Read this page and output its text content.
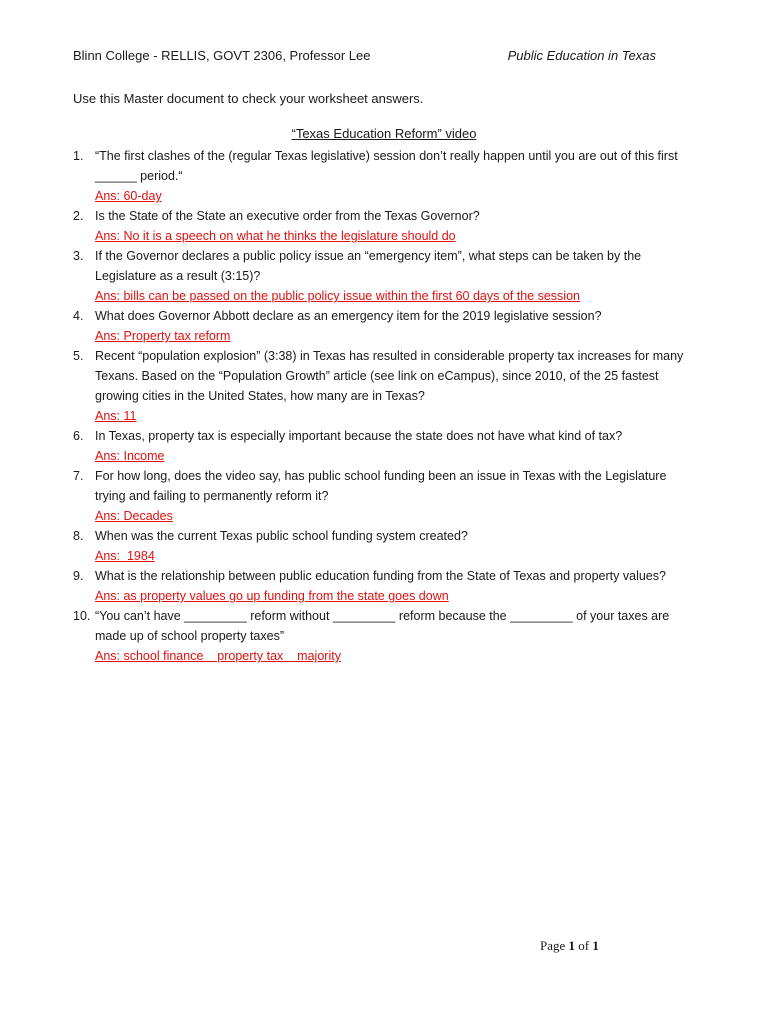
Blinn College - RELLIS, GOVT 2306, Professor Lee	Public Education in Texas
Use this Master document to check your worksheet answers.
“Texas Education Reform” video
1. “The first clashes of the (regular Texas legislative) session don’t really happen until you are out of this first ______ period.“
Ans: 60-day
2. Is the State of the State an executive order from the Texas Governor?
Ans: No it is a speech on what he thinks the legislature should do
3. If the Governor declares a public policy issue an “emergency item”, what steps can be taken by the Legislature as a result (3:15)?
Ans: bills can be passed on the public policy issue within the first 60 days of the session
4. What does Governor Abbott declare as an emergency item for the 2019 legislative session?
Ans: Property tax reform
5. Recent “population explosion” (3:38) in Texas has resulted in considerable property tax increases for many Texans. Based on the “Population Growth” article (see link on eCampus), since 2010, of the 25 fastest growing cities in the United States, how many are in Texas?
Ans: 11
6. In Texas, property tax is especially important because the state does not have what kind of tax?
Ans: Income
7. For how long, does the video say, has public school funding been an issue in Texas with the Legislature trying and failing to permanently reform it?
Ans: Decades
8. When was the current Texas public school funding system created?
Ans:  1984
9. What is the relationship between public education funding from the State of Texas and property values?
Ans: as property values go up funding from the state goes down
10. “You can’t have _________ reform without _________ reform because the _________ of your taxes are made up of school property taxes”
Ans: school finance    property tax    majority
Page 1 of 1
